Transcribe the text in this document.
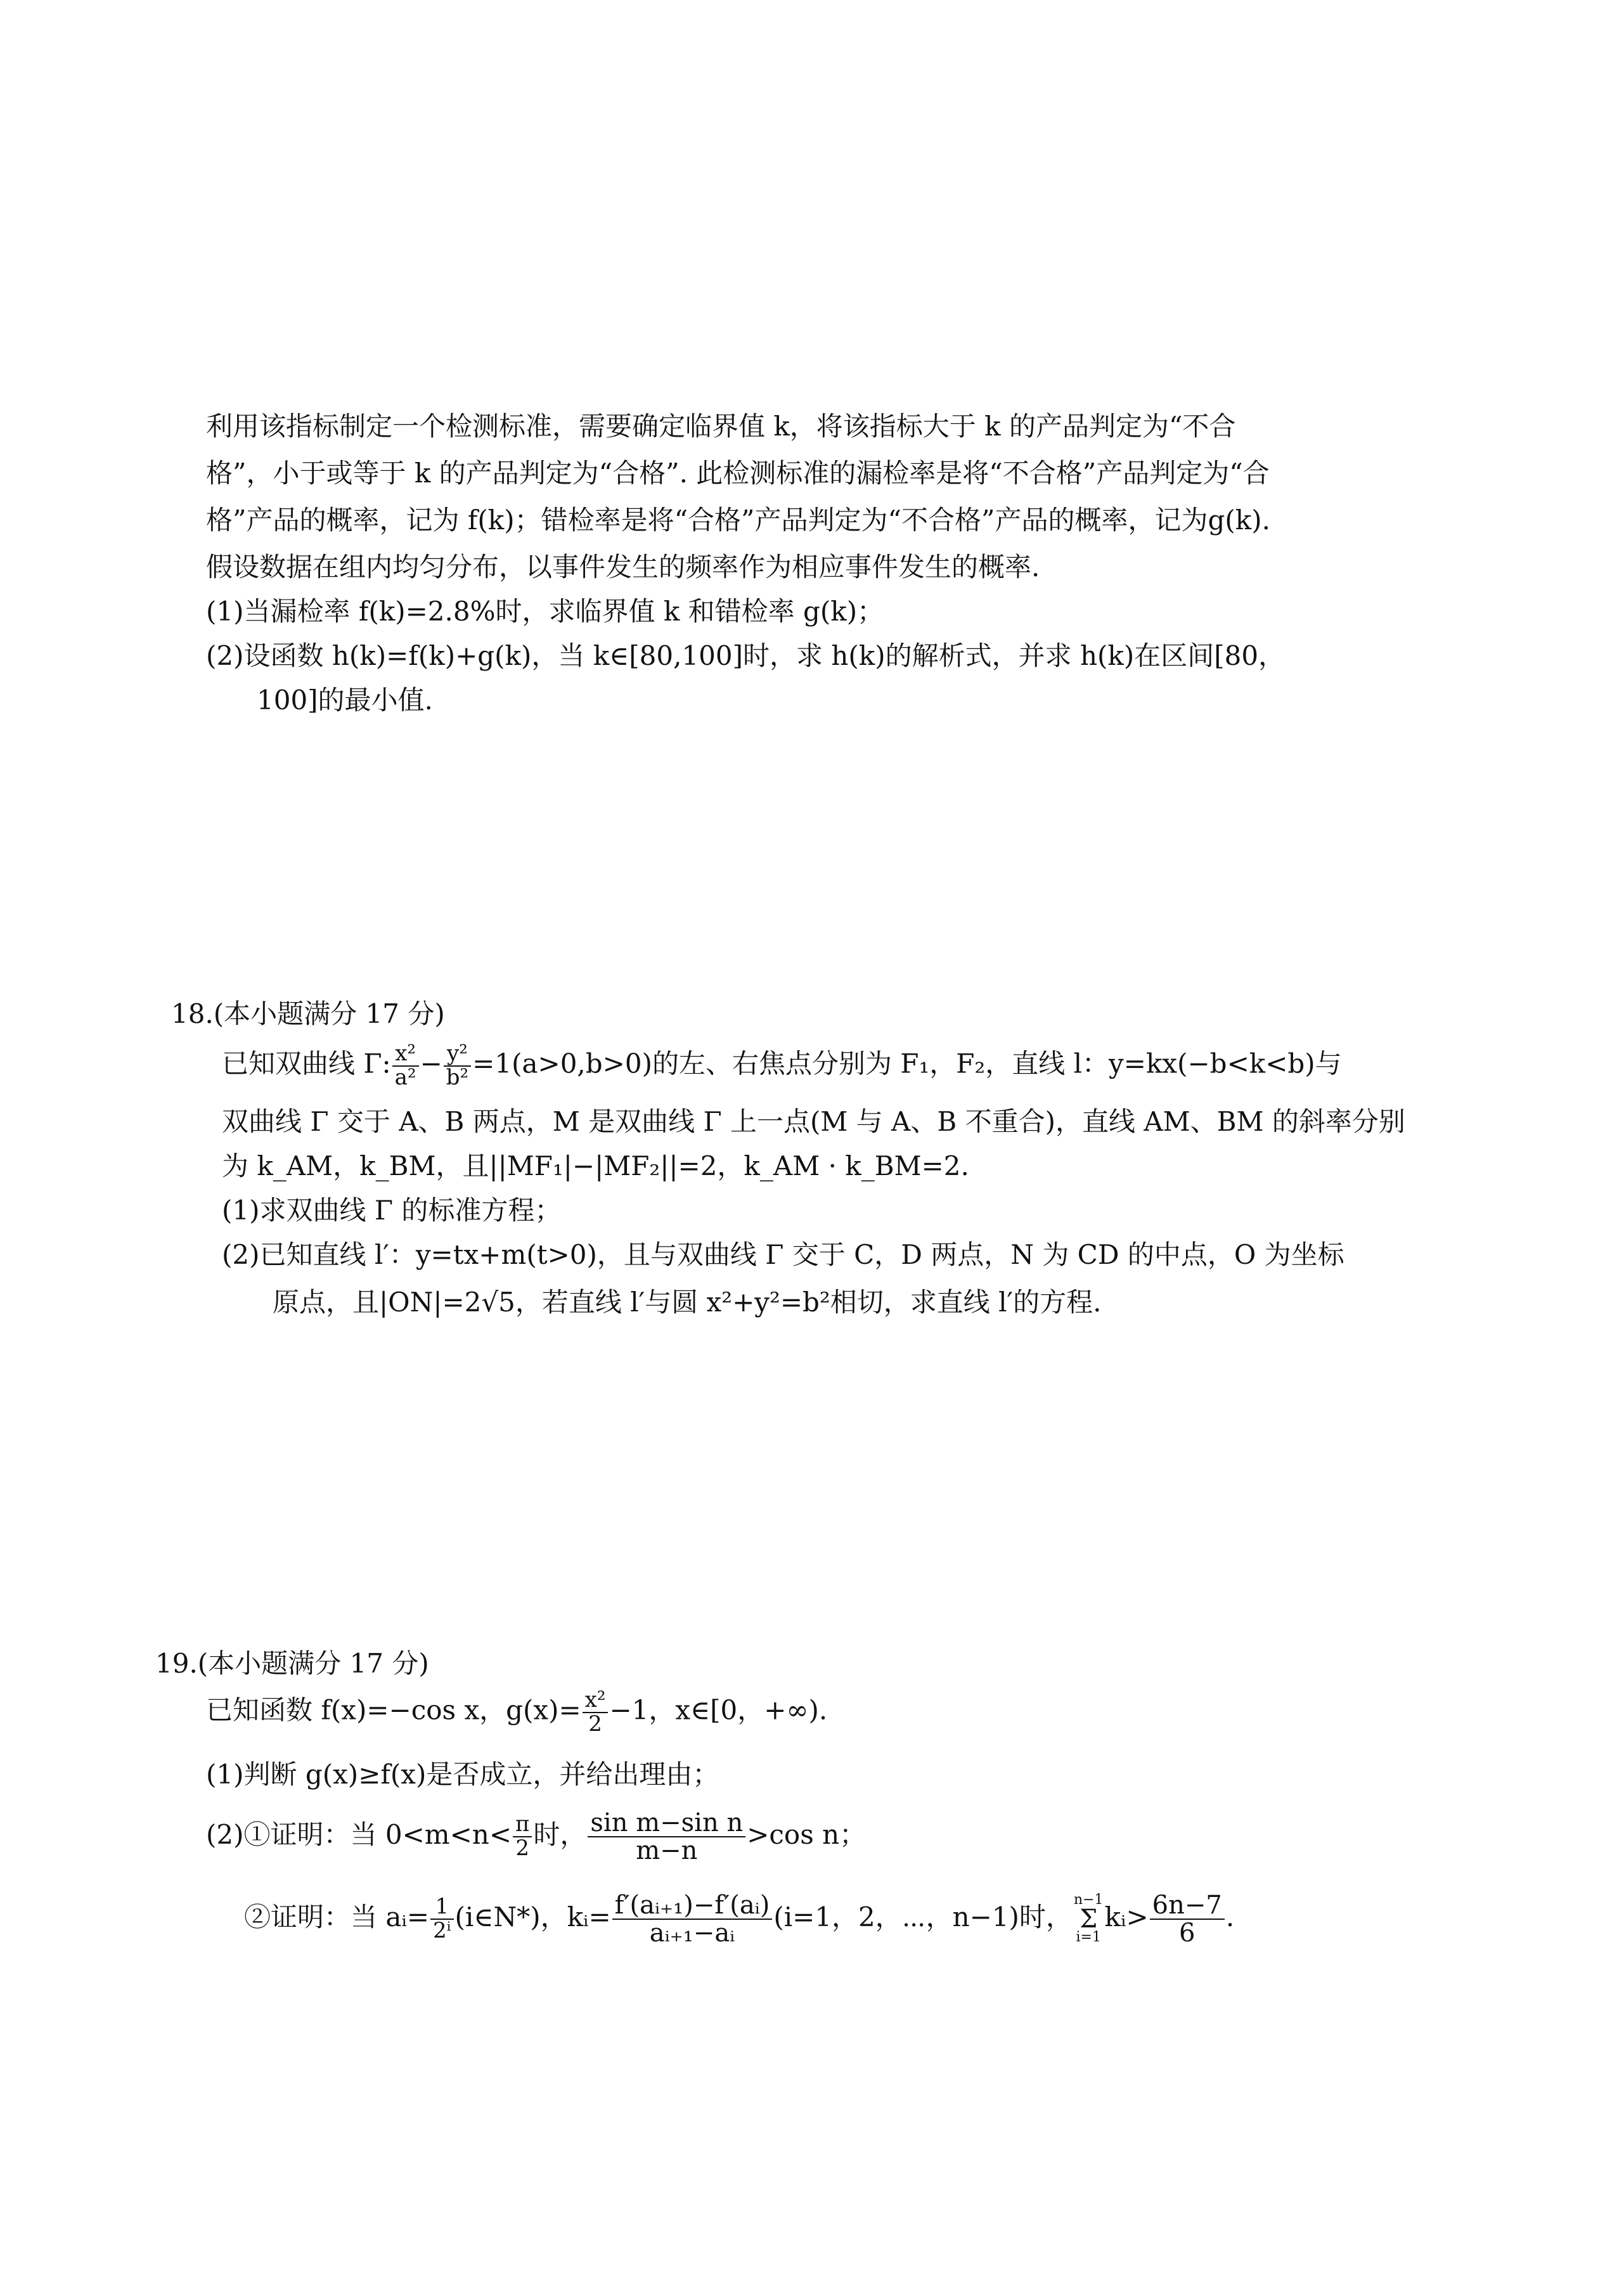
利用该指标制定一个检测标准，需要确定临界值 k，将该指标大于 k 的产品判定为“不合
格”，小于或等于 k 的产品判定为“合格”. 此检测标准的漏检率是将“不合格”产品判定为“合
格”产品的概率，记为 f(k)；错检率是将“合格”产品判定为“不合格”产品的概率，记为g(k).
假设数据在组内均匀分布，以事件发生的频率作为相应事件发生的概率.
(1)当漏检率 f(k)=2.8%时，求临界值 k 和错检率 g(k)；
(2)设函数 h(k)=f(k)+g(k)，当 k∈[80,100]时，求 h(k)的解析式，并求 h(k)在区间[80，
100]的最小值.
18.(本小题满分 17 分)
已知双曲线 Γ: $\frac{\text{x²}}{\text{a²}} - \frac{\text{y²}}{\text{b²}} =1(a>0,b>0)$的左、右焦点分别为 F₁，F₂，直线 l：y=kx(−b<k<b)与
双曲线 Γ 交于 A、B 两点，M 是双曲线 Γ 上一点(M 与 A、B 不重合)，直线 AM、BM 的斜率分别
为 k_AM，k_BM，且||MF₁|−|MF₂||=2，k_AM · k_BM=2.
(1)求双曲线 Γ 的标准方程；
(2)已知直线 l′：y=tx+m(t>0)，且与双曲线 Γ 交于 C，D 两点，N 为 CD 的中点，O 为坐标
原点，且|ON|=2√5，若直线 l′与圆 x²+y²=b²相切，求直线 l′的方程.
19.(本小题满分 17 分)
已知函数 f(x)=−cos x，$g(x)= \frac{\text{x²}}{2} -1$，x∈[0，+∞).
(1)判断 g(x)≥f(x)是否成立，并给出理由；
(2)①证明：当 $0<m<n< \frac{\pi}{2}$ 时， $\frac{\text{sin m−sin n}}{m-n} >\cos$ n；
②证明：当 aᵢ= $\frac{1}{\text{2ⁱ}}$ (i∈N*)，kᵢ= $\frac{\text{f′(aᵢ₊₁)−f′(aᵢ)}}{\text{aᵢ₊₁−aᵢ}} (i=1$，2，⋯，n−1)时，n−1
Σ
i=1kᵢ> $\frac{6n-7}{6}$ .
